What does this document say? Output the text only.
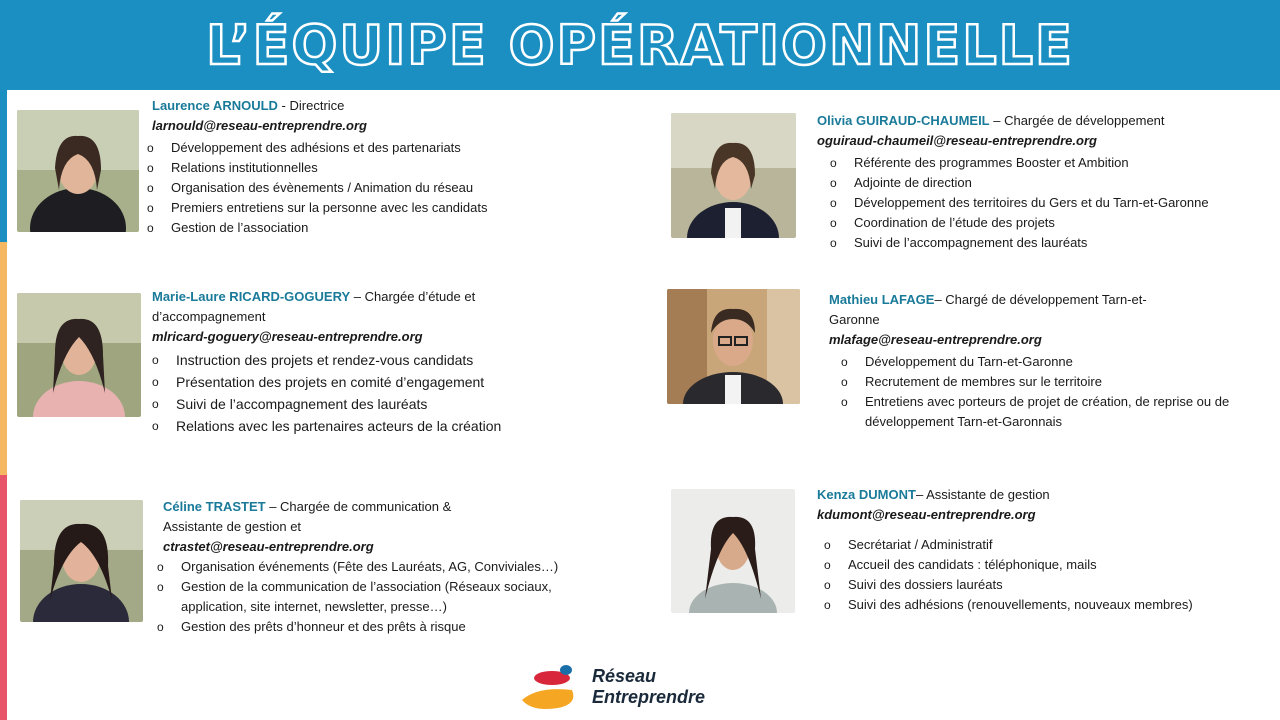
L’ÉQUIPE OPÉRATIONNELLE

Laurence ARNOULD - Directrice

larnould@reseau-entreprendre.org

o Développement des adhésions et des partenariats
o Relations institutionnelles
o Organisation des évènements / Animation du réseau
o Premiers entretiens sur la personne avec les candidats
o Gestion de l’association

Olivia GUIRAUD-CHAUMEIL – Chargée de développement

oguiraud-chaumeil@reseau-entreprendre.org

o Référente des programmes Booster et Ambition
o Adjointe de direction
o Développement des territoires du Gers et du Tarn-et-Garonne
o Coordination de l’étude des projets
o Suivi de l’accompagnement des lauréats

Marie-Laure RICARD-GOGUERY – Chargée d’étude et d’accompagnement

mlricard-goguery@reseau-entreprendre.org

o Instruction des projets et rendez-vous candidats
o Présentation des projets en comité d’engagement
o Suivi de l’accompagnement des lauréats
o Relations avec les partenaires acteurs de la création

Mathieu LAFAGE– Chargé de développement Tarn-et-Garonne

mlafage@reseau-entreprendre.org

o Développement du Tarn-et-Garonne
o Recrutement de membres sur le territoire
o Entretiens avec porteurs de projet de création, de reprise ou de développement Tarn-et-Garonnais

Céline TRASTET – Chargée de communication & Assistante de gestion et

ctrastet@reseau-entreprendre.org

o Organisation événements (Fête des Lauréats, AG, Conviviales…)
o Gestion de la communication de l’association (Réseaux sociaux, application, site internet, newsletter, presse…)
o Gestion des prêts d’honneur et des prêts à risque

Kenza DUMONT– Assistante de gestion

kdumont@reseau-entreprendre.org

o Secrétariat / Administratif
o Accueil des candidats : téléphonique, mails
o Suivi des dossiers lauréats
o Suivi des adhésions (renouvellements, nouveaux membres)
Réseau
Entreprendre
